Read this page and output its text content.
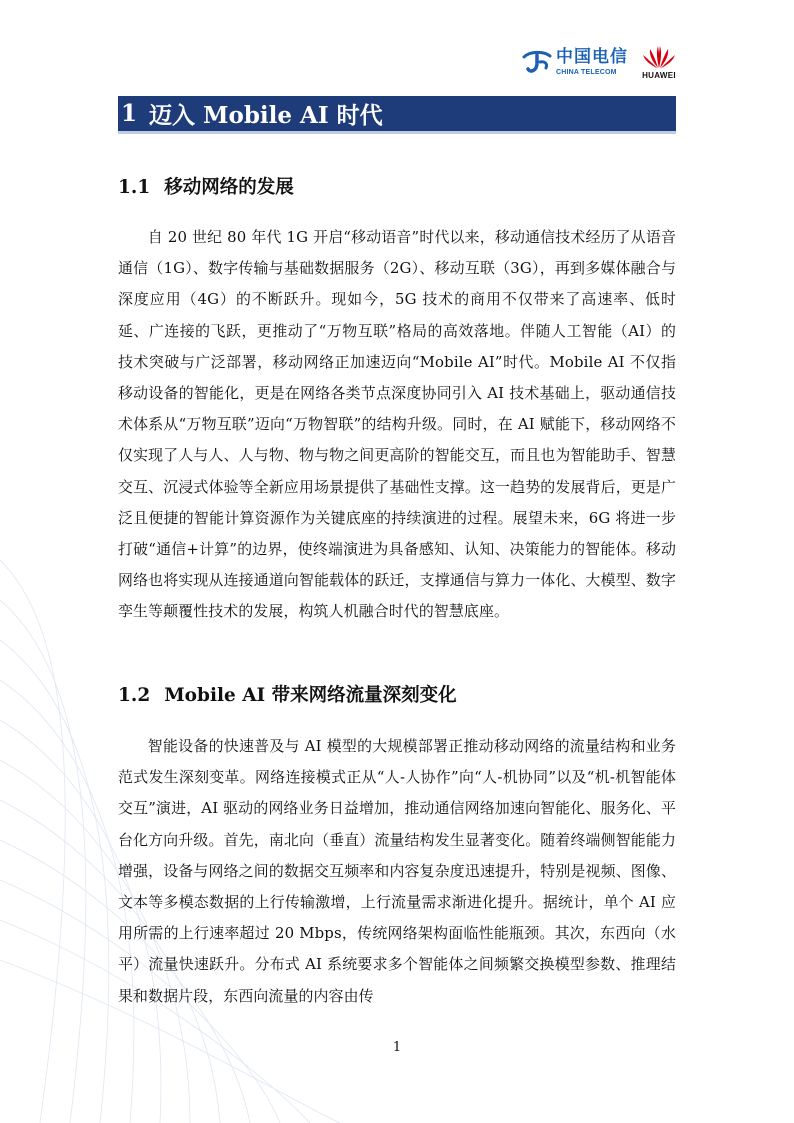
中国电信
CHINA TELECOM	HUAWEI
1 迈入 Mobile AI 时代
1.1 移动网络的发展

自 20 世纪 80 年代 1G 开启“移动语音”时代以来，移动通信技术经历了从语音通信（1G）、数字传输与基础数据服务（2G）、移动互联（3G），再到多媒体融合与深度应用（4G）的不断跃升。现如今，5G 技术的商用不仅带来了高速率、低时延、广连接的飞跃，更推动了“万物互联”格局的高效落地。伴随人工智能（AI）的技术突破与广泛部署，移动网络正加速迈向“Mobile AI”时代。Mobile AI 不仅指移动设备的智能化，更是在网络各类节点深度协同引入 AI 技术基础上，驱动通信技术体系从“万物互联”迈向“万物智联”的结构升级。同时，在 AI 赋能下，移动网络不仅实现了人与人、人与物、物与物之间更高阶的智能交互，而且也为智能助手、智慧交互、沉浸式体验等全新应用场景提供了基础性支撑。这一趋势的发展背后，更是广泛且便捷的智能计算资源作为关键底座的持续演进的过程。展望未来，6G 将进一步打破“通信+计算”的边界，使终端演进为具备感知、认知、决策能力的智能体。移动网络也将实现从连接通道向智能载体的跃迁，支撑通信与算力一体化、大模型、数字孪生等颠覆性技术的发展，构筑人机融合时代的智慧底座。

1.2 Mobile AI 带来网络流量深刻变化

智能设备的快速普及与 AI 模型的大规模部署正推动移动网络的流量结构和业务范式发生深刻变革。网络连接模式正从“人-人协作”向“人-机协同”以及“机-机智能体交互”演进，AI 驱动的网络业务日益增加，推动通信网络加速向智能化、服务化、平台化方向升级。首先，南北向（垂直）流量结构发生显著变化。随着终端侧智能能力增强，设备与网络之间的数据交互频率和内容复杂度迅速提升，特别是视频、图像、文本等多模态数据的上行传输激增，上行流量需求渐进化提升。据统计，单个 AI 应用所需的上行速率超过 20 Mbps，传统网络架构面临性能瓶颈。其次，东西向（水平）流量快速跃升。分布式 AI 系统要求多个智能体之间频繁交换模型参数、推理结果和数据片段，东西向流量的内容由传

1
